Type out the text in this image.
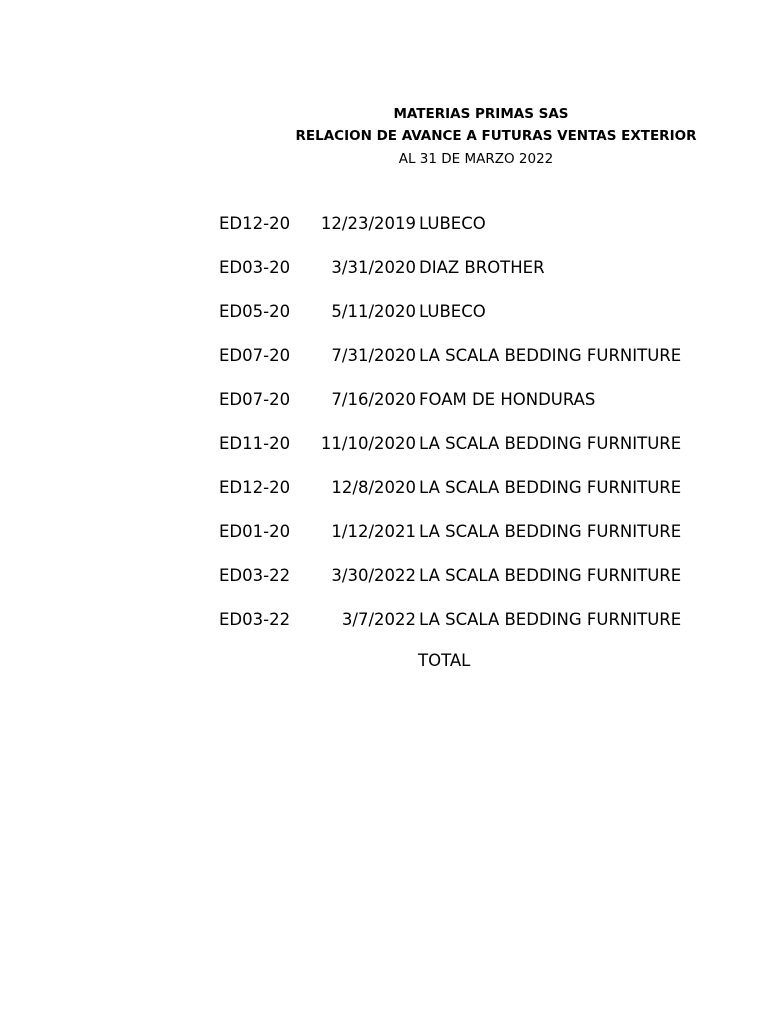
MATERIAS PRIMAS SAS
RELACION DE AVANCE A FUTURAS VENTAS EXTERIOR
AL 31 DE MARZO 2022
ED12-20 12/23/2019 LUBECO
ED03-20	3/31/2020 DIAZ BROTHER
ED05-20	5/11/2020 LUBECO
ED07-20	7/31/2020 LA SCALA BEDDING FURNITURE
ED07-20	7/16/2020 FOAM DE HONDURAS
ED11-20 11/10/2020 LA SCALA BEDDING FURNITURE
ED12-20	12/8/2020 LA SCALA BEDDING FURNITURE
ED01-20	1/12/2021 LA SCALA BEDDING FURNITURE
ED03-22	3/30/2022 LA SCALA BEDDING FURNITURE
ED03-22	3/7/2022 LA SCALA BEDDING FURNITURE
TOTAL
